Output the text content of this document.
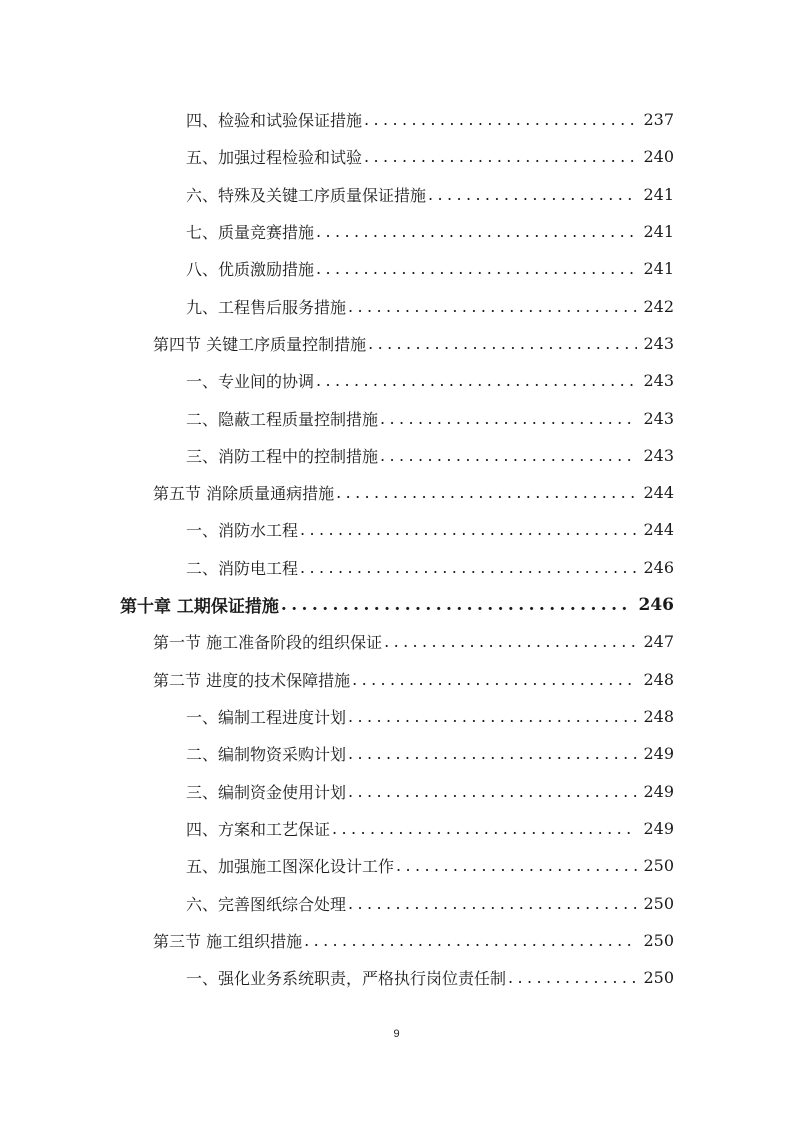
四、检验和试验保证措施 .....	237
五、加强过程检验和试验 .....	240
六、特殊及关键工序质量保证措施 .....	241
七、质量竞赛措施 .....	241
八、优质激励措施 .....	241
九、工程售后服务措施 .....	242
第四节 关键工序质量控制措施 .....	243
一、专业间的协调 .....	243
二、隐蔽工程质量控制措施 .....	243
三、消防工程中的控制措施 .....	243
第五节 消除质量通病措施 .....	244
一、消防水工程 .....	244
二、消防电工程 .....	246
第十章 工期保证措施 .....	246
第一节 施工准备阶段的组织保证 .....	247
第二节 进度的技术保障措施 .....	248
一、编制工程进度计划 .....	248
二、编制物资采购计划 .....	249
三、编制资金使用计划 .....	249
四、方案和工艺保证 .....	249
五、加强施工图深化设计工作 .....	250
六、完善图纸综合处理 .....	250
第三节 施工组织措施 .....	250
一、强化业务系统职责，严格执行岗位责任制 .....	250
9
